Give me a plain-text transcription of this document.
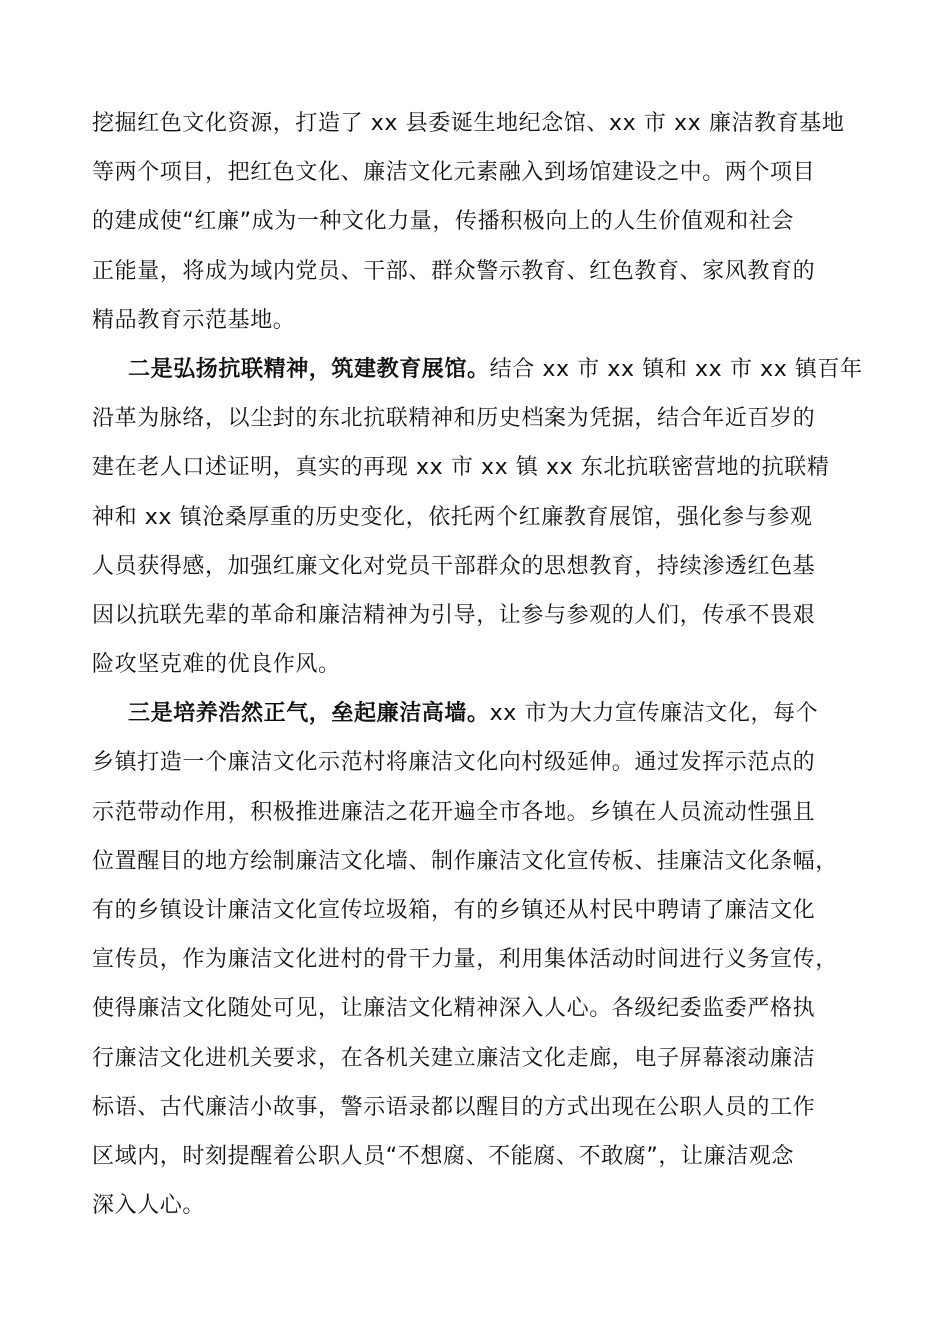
挖掘红色文化资源，打造了 xx 县委诞生地纪念馆、xx 市 xx 廉洁教育基地
等两个项目，把红色文化、廉洁文化元素融入到场馆建设之中。两个项目
的建成使“红廉”成为一种文化力量，传播积极向上的人生价值观和社会
正能量，将成为域内党员、干部、群众警示教育、红色教育、家风教育的
精品教育示范基地。
二是弘扬抗联精神，筑建教育展馆。结合 xx 市 xx 镇和 xx 市 xx 镇百年
沿革为脉络，以尘封的东北抗联精神和历史档案为凭据，结合年近百岁的
建在老人口述证明，真实的再现 xx 市 xx 镇 xx 东北抗联密营地的抗联精
神和 xx 镇沧桑厚重的历史变化，依托两个红廉教育展馆，强化参与参观
人员获得感，加强红廉文化对党员干部群众的思想教育，持续渗透红色基
因以抗联先辈的革命和廉洁精神为引导，让参与参观的人们，传承不畏艰
险攻坚克难的优良作风。
三是培养浩然正气，垒起廉洁高墙。xx 市为大力宣传廉洁文化，每个
乡镇打造一个廉洁文化示范村将廉洁文化向村级延伸。通过发挥示范点的
示范带动作用，积极推进廉洁之花开遍全市各地。乡镇在人员流动性强且
位置醒目的地方绘制廉洁文化墙、制作廉洁文化宣传板、挂廉洁文化条幅，
有的乡镇设计廉洁文化宣传垃圾箱，有的乡镇还从村民中聘请了廉洁文化
宣传员，作为廉洁文化进村的骨干力量，利用集体活动时间进行义务宣传，
使得廉洁文化随处可见，让廉洁文化精神深入人心。各级纪委监委严格执
行廉洁文化进机关要求，在各机关建立廉洁文化走廊，电子屏幕滚动廉洁
标语、古代廉洁小故事，警示语录都以醒目的方式出现在公职人员的工作
区域内，时刻提醒着公职人员“不想腐、不能腐、不敢腐”，让廉洁观念
深入人心。
